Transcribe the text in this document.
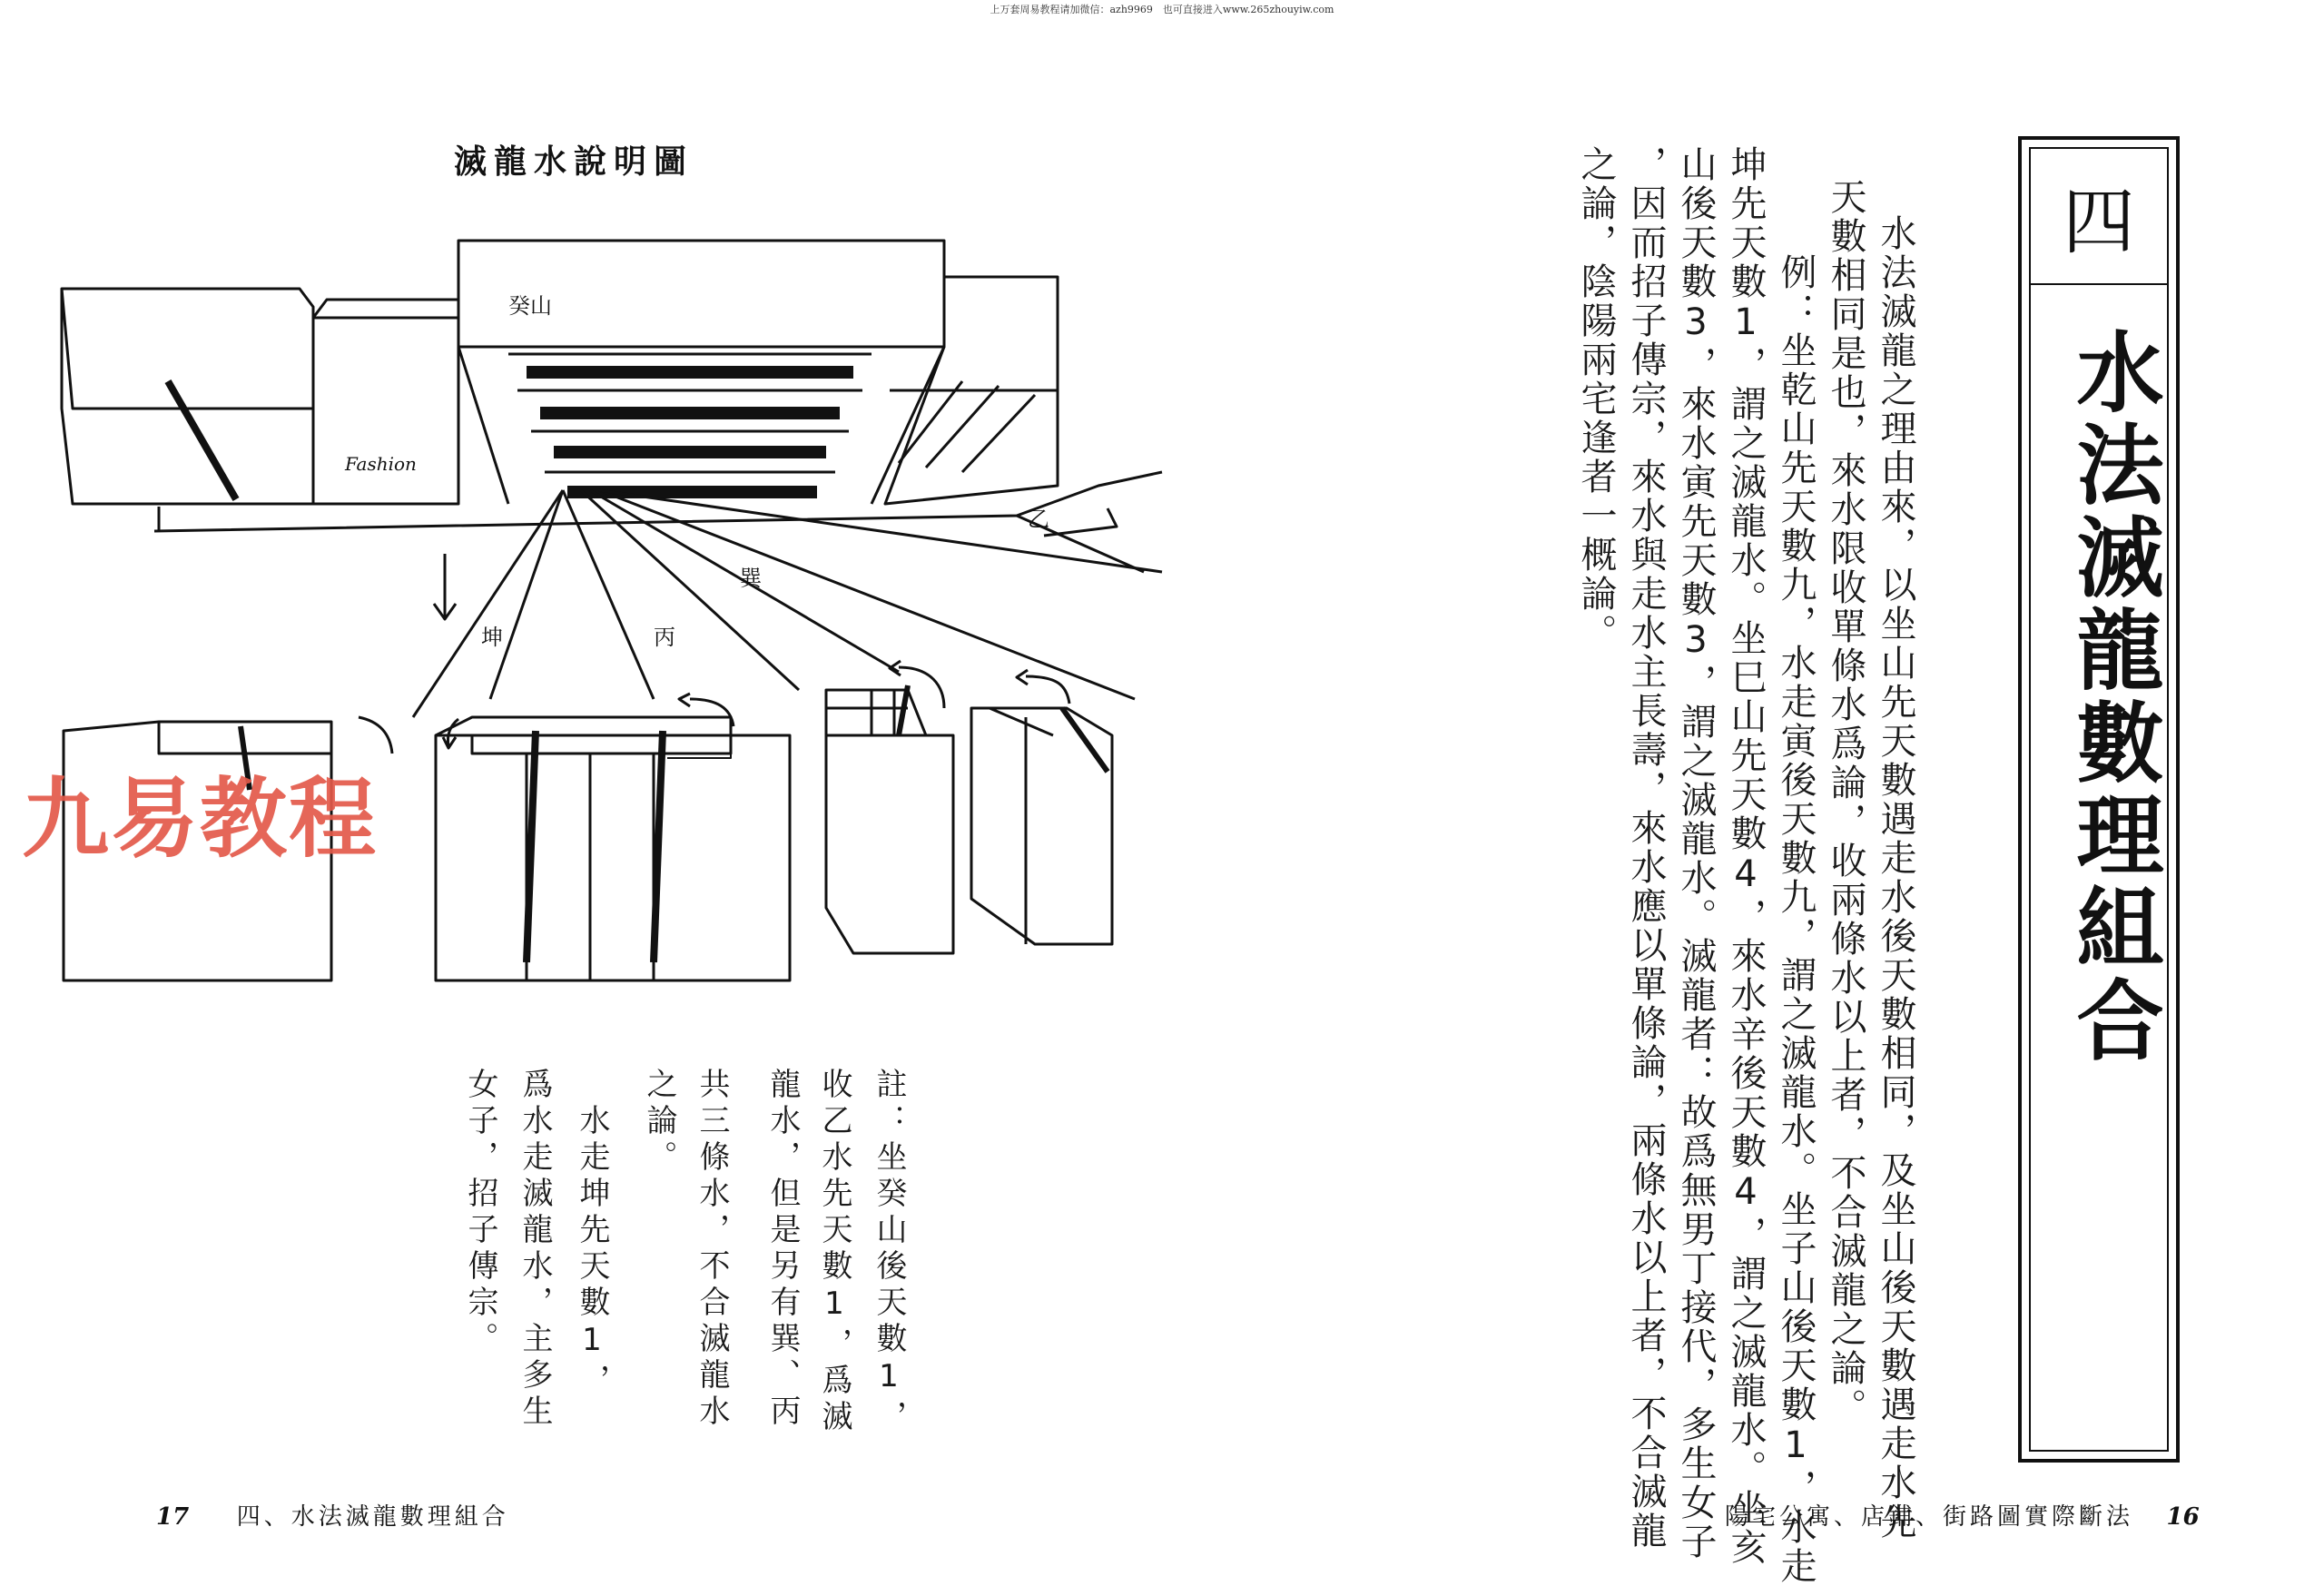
上万套周易教程请加微信：azh9969　也可直接进入www.265zhouyiw.com
滅龍水說明圖
癸山
乙
巽
坤	丙
Fashion
九易教程
註：坐癸山後天數1，
收乙水先天數1，爲滅
龍水，但是另有巽、丙
共三條水，不合滅龍水
之論。
　水走坤先天數1，
爲水走滅龍水，主多生
女子，招子傳宗。
17 四、水法滅龍數理組合
四
水法滅龍數理組合
水法滅龍之理由來，以坐山先天數遇走水後天數相同，及坐山後天數遇走水先
天數相同是也，來水限收單條水爲論，收兩條水以上者，不合滅龍之論。
　例：坐乾山先天數九，水走寅後天數九，謂之滅龍水。坐子山後天數1，水走
坤先天數1，謂之滅龍水。坐巳山先天數4，來水辛後天數4，謂之滅龍水。坐亥
山後天數3，來水寅先天數3，謂之滅龍水。滅龍者：故爲無男丁接代，多生女子
，因而招子傳宗，來水與走水主長壽，來水應以單條論，兩條水以上者，不合滅龍
之論，陰陽兩宅逢者一概論。
陽宅公寓、店鋪、街路圖實際斷法 16
